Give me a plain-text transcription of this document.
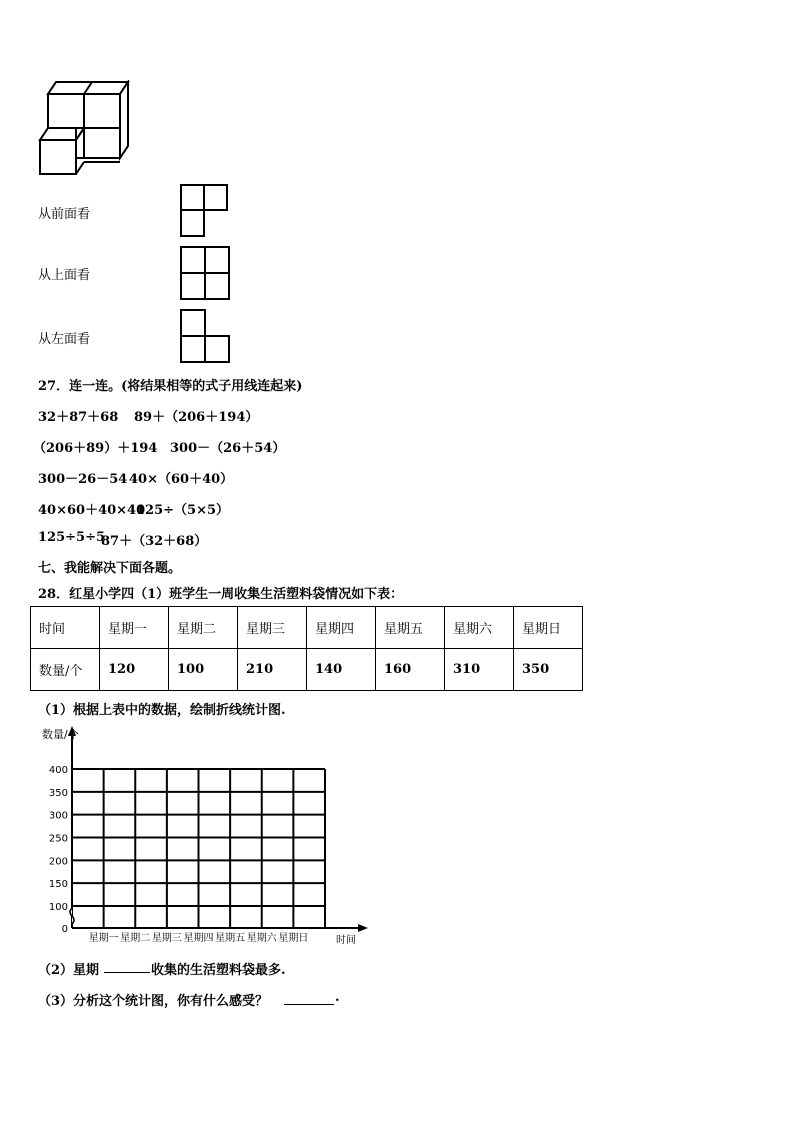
从前面看
从上面看
从左面看
27．连一连。(将结果相等的式子用线连起来)
32＋87＋68 89＋（206＋194）
（206＋89）＋194 300－（26＋54）
300－26－54 40×（60＋40）
40×60＋40×40
125÷（5×5）
125÷5÷5
87＋（32＋68）
七、我能解决下面各题。
28．红星小学四（1）班学生一周收集生活塑料袋情况如下表：
时间	星期一	星期二	星期三	星期四	星期五	星期六	星期日
数量/个	120	100	210	140	160	310	350
（1）根据上表中的数据，绘制折线统计图.
数量/个
0
100
150
200
250
300
350
400
星期一 星期二 星期三 星期四 星期五 星期六 星期日	时间
（2）星期	收集的生活塑料袋最多.
（3）分析这个统计图，你有什么感受？	.
